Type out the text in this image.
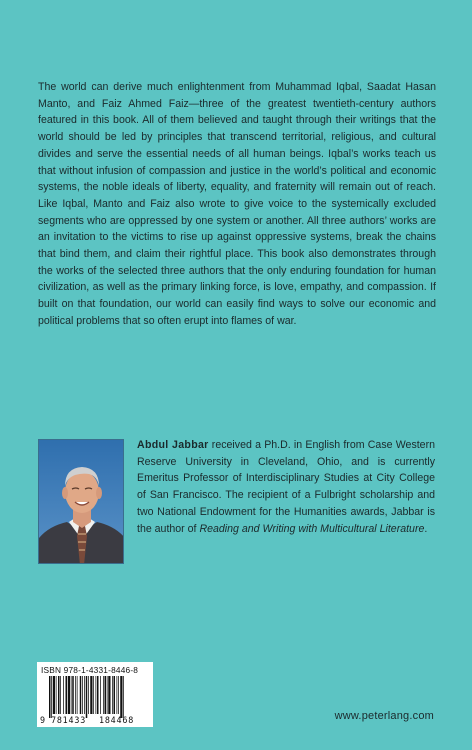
The world can derive much enlightenment from Muhammad Iqbal, Saadat Hasan Manto, and Faiz Ahmed Faiz—three of the greatest twentieth-century authors featured in this book. All of them believed and taught through their writings that the world should be led by principles that transcend territorial, religious, and cultural divides and serve the essential needs of all human beings. Iqbal’s works teach us that without infusion of compassion and justice in the world’s political and economic systems, the noble ideals of liberty, equality, and fraternity will remain out of reach. Like Iqbal, Manto and Faiz also wrote to give voice to the systemically excluded segments who are oppressed by one system or another. All three authors’ works are an invitation to the victims to rise up against oppressive systems, break the chains that bind them, and claim their rightful place. This book also demonstrates through the works of the selected three authors that the only enduring foundation for human civilization, as well as the primary linking force, is love, empathy, and compassion. If built on that foundation, our world can easily find ways to solve our economic and political problems that so often erupt into flames of war.

Abdul Jabbar received a Ph.D. in English from Case Western Reserve University in Cleveland, Ohio, and is currently Emeritus Professor of Interdisciplinary Studies at City College of San Francisco. The recipient of a Fulbright scholarship and two National Endowment for the Humanities awards, Jabbar is the author of Reading and Writing with Multicultural Literature.

ISBN 978-1-4331-8446-8
9 781433 184468	www.peterlang.com
